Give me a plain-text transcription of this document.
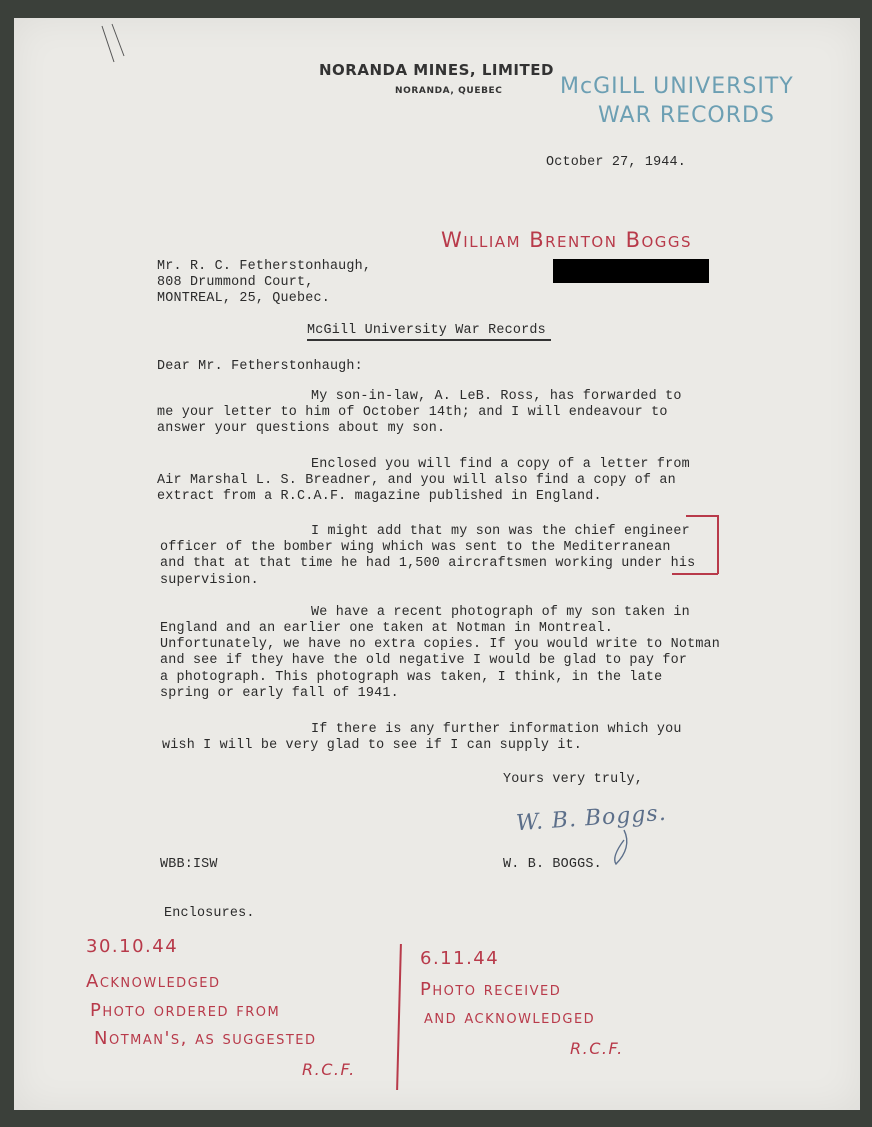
NORANDA MINES, LIMITED
NORANDA, QUEBEC	McGILL UNIVERSITY
WAR RECORDS
October 27, 1944.
William Brenton Boggs
Mr. R. C. Fetherstonhaugh,
808 Drummond Court,
MONTREAL, 25, Quebec.
McGill University War Records
Dear Mr. Fetherstonhaugh:
My son-in-law, A. LeB. Ross, has forwarded to
me your letter to him of October 14th; and I will endeavour to
answer your questions about my son.
Enclosed you will find a copy of a letter from
Air Marshal L. S. Breadner, and you will also find a copy of an
extract from a R.C.A.F. magazine published in England.
I might add that my son was the chief engineer
officer of the bomber wing which was sent to the Mediterranean
and that at that time he had 1,500 aircraftsmen working under his
supervision.
We have a recent photograph of my son taken in
England and an earlier one taken at Notman in Montreal.
Unfortunately, we have no extra copies. If you would write to Notman
and see if they have the old negative I would be glad to pay for
a photograph. This photograph was taken, I think, in the late
spring or early fall of 1941.
If there is any further information which you
wish I will be very glad to see if I can supply it.
Yours very truly,
W. B. Boggs.
WBB:ISW	W. B. BOGGS.
Enclosures.
30.10.44
Acknowledged
Photo ordered from
Notman's, as suggested
R.C.F.
6.11.44
Photo received
and acknowledged
R.C.F.
